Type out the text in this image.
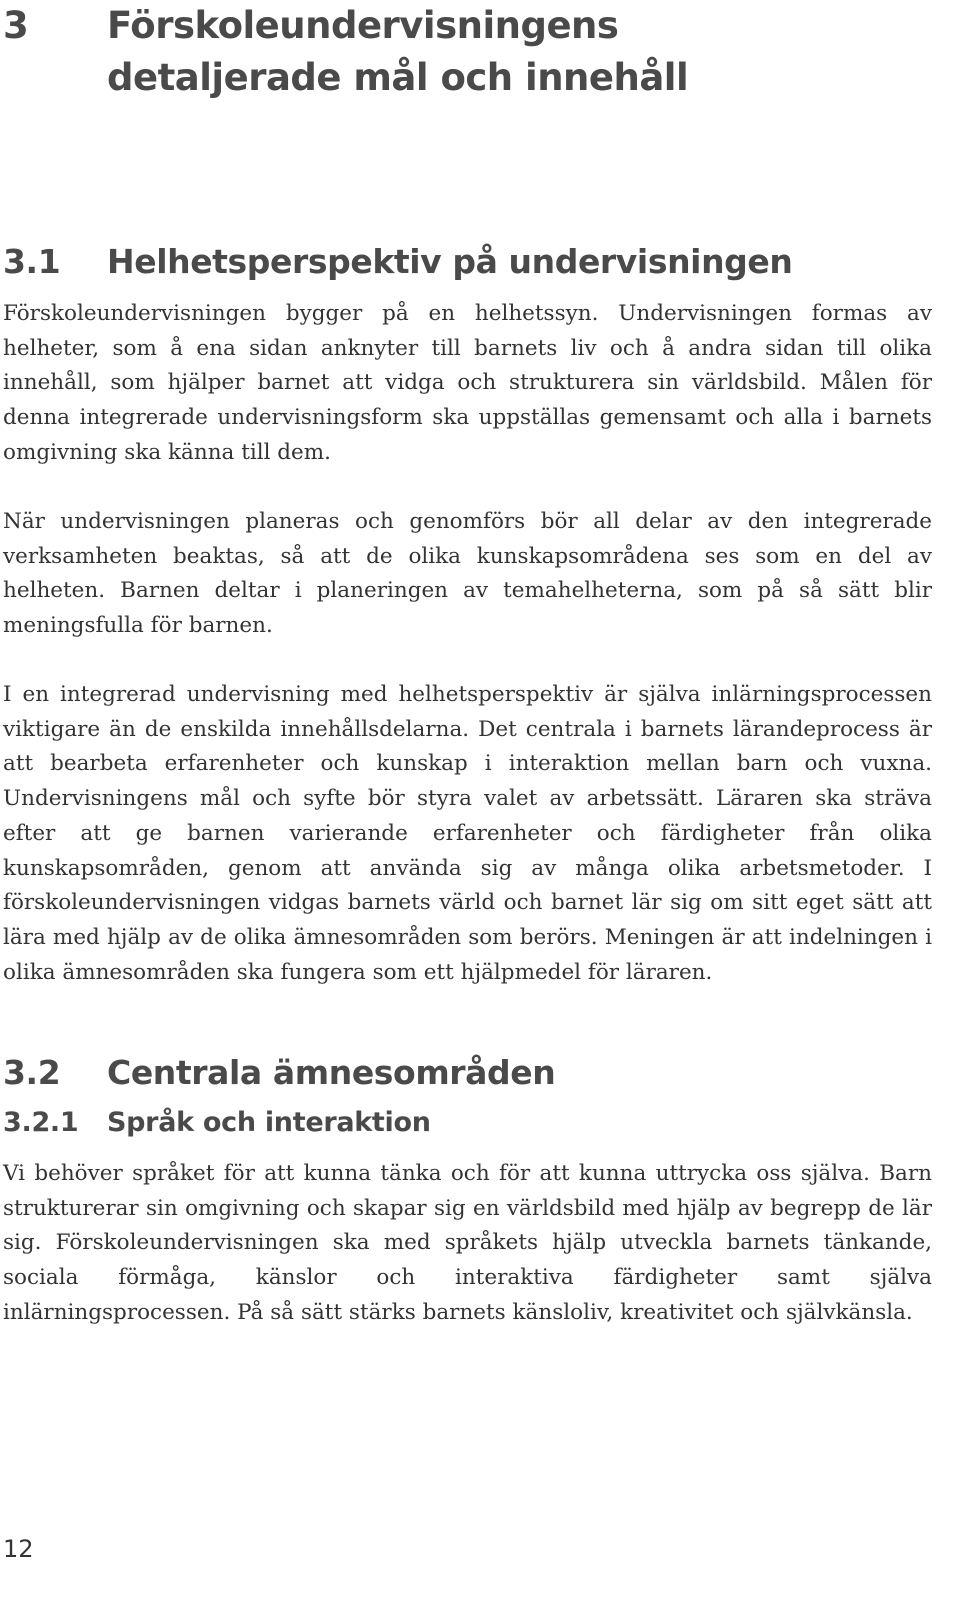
3	Förskoleundervisningens detaljerade mål och innehåll
3.1	Helhetsperspektiv på undervisningen

Förskoleundervisningen bygger på en helhetssyn. Undervisningen formas av helheter, som å ena sidan anknyter till barnets liv och å andra sidan till olika innehåll, som hjälper barnet att vidga och strukturera sin världsbild. Målen för denna integrerade undervisningsform ska uppställas gemensamt och alla i barnets omgivning ska känna till dem.

När undervisningen planeras och genomförs bör all delar av den integrerade verksamheten beaktas, så att de olika kunskapsområdena ses som en del av helheten. Barnen deltar i planeringen av temahelheterna, som på så sätt blir meningsfulla för barnen.

I en integrerad undervisning med helhetsperspektiv är själva inlärningsprocessen viktigare än de enskilda innehållsdelarna. Det centrala i barnets lärandeprocess är att bearbeta erfarenheter och kunskap i interaktion mellan barn och vuxna. Undervisningens mål och syfte bör styra valet av arbetssätt. Läraren ska sträva efter att ge barnen varierande erfarenheter och färdigheter från olika kunskapsområden, genom att använda sig av många olika arbetsmetoder. I förskoleundervisningen vidgas barnets värld och barnet lär sig om sitt eget sätt att lära med hjälp av de olika ämnesområden som berörs. Meningen är att indelningen i olika ämnesområden ska fungera som ett hjälpmedel för läraren.

3.2	Centrala ämnesområden
3.2.1	Språk och interaktion

Vi behöver språket för att kunna tänka och för att kunna uttrycka oss själva. Barn strukturerar sin omgivning och skapar sig en världsbild med hjälp av begrepp de lär sig. Förskoleundervisningen ska med språkets hjälp utveckla barnets tänkande, sociala förmåga, känslor och interaktiva färdigheter samt själva inlärningsprocessen. På så sätt stärks barnets känsloliv, kreativitet och självkänsla.

12
